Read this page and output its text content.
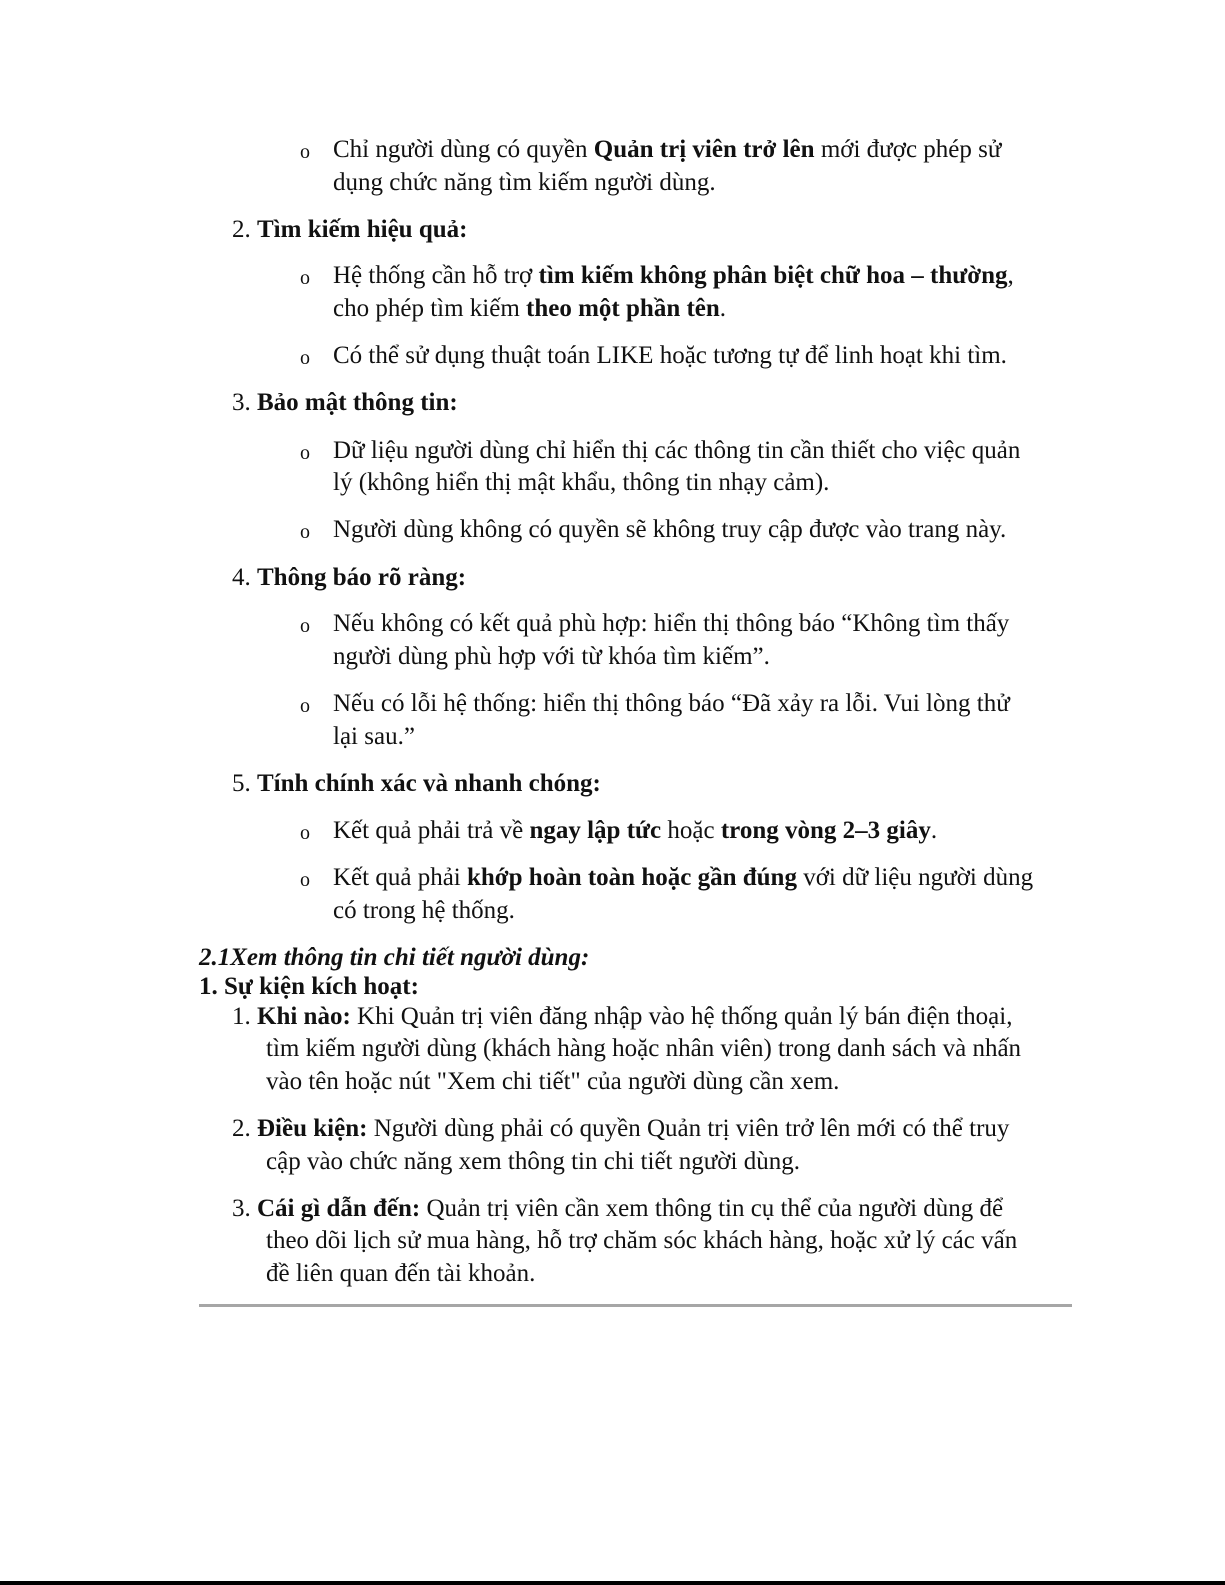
o Chỉ người dùng có quyền Quản trị viên trở lên mới được phép sử
dụng chức năng tìm kiếm người dùng.
2. Tìm kiếm hiệu quả:
o Hệ thống cần hỗ trợ tìm kiếm không phân biệt chữ hoa – thường,
cho phép tìm kiếm theo một phần tên.
o Có thể sử dụng thuật toán LIKE hoặc tương tự để linh hoạt khi tìm.
3. Bảo mật thông tin:
o Dữ liệu người dùng chỉ hiển thị các thông tin cần thiết cho việc quản
lý (không hiển thị mật khẩu, thông tin nhạy cảm).
o Người dùng không có quyền sẽ không truy cập được vào trang này.
4. Thông báo rõ ràng:
o Nếu không có kết quả phù hợp: hiển thị thông báo “Không tìm thấy
người dùng phù hợp với từ khóa tìm kiếm”.
o Nếu có lỗi hệ thống: hiển thị thông báo “Đã xảy ra lỗi. Vui lòng thử
lại sau.”
5. Tính chính xác và nhanh chóng:
o Kết quả phải trả về ngay lập tức hoặc trong vòng 2–3 giây.
o Kết quả phải khớp hoàn toàn hoặc gần đúng với dữ liệu người dùng
có trong hệ thống.
2.1Xem thông tin chi tiết người dùng:
1. Sự kiện kích hoạt:
1. Khi nào: Khi Quản trị viên đăng nhập vào hệ thống quản lý bán điện thoại,
tìm kiếm người dùng (khách hàng hoặc nhân viên) trong danh sách và nhấn
vào tên hoặc nút "Xem chi tiết" của người dùng cần xem.
2. Điều kiện: Người dùng phải có quyền Quản trị viên trở lên mới có thể truy
cập vào chức năng xem thông tin chi tiết người dùng.
3. Cái gì dẫn đến: Quản trị viên cần xem thông tin cụ thể của người dùng để
theo dõi lịch sử mua hàng, hỗ trợ chăm sóc khách hàng, hoặc xử lý các vấn
đề liên quan đến tài khoản.
